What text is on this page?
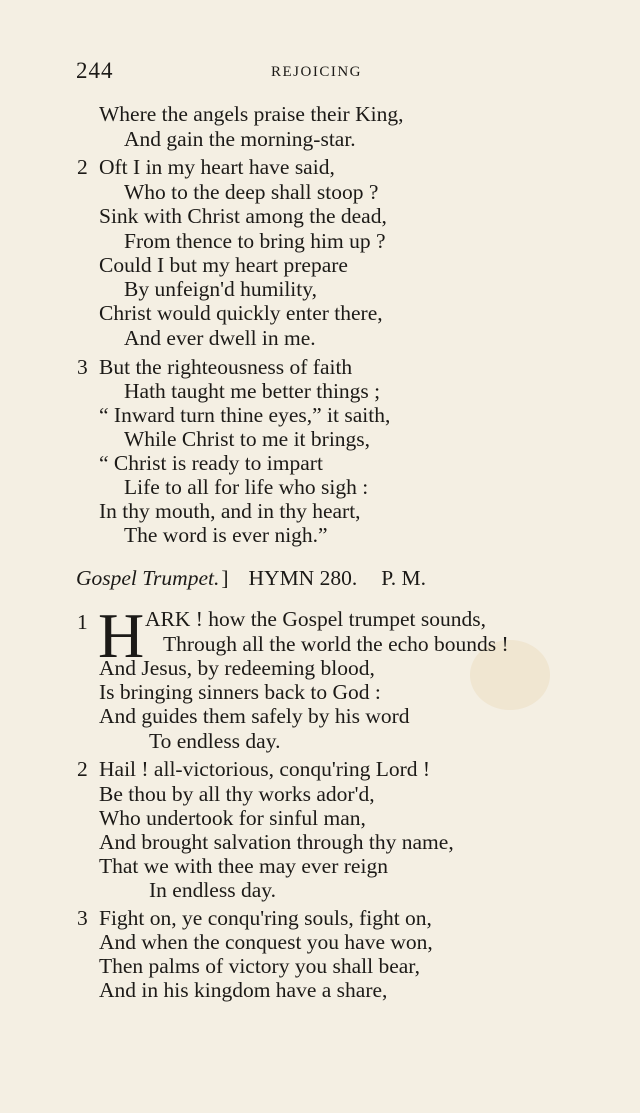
244	REJOICING
Where the angels praise their King,
And gain the morning-star.
2 Oft I in my heart have said,
Who to the deep shall stoop ?
Sink with Christ among the dead,
From thence to bring him up ?
Could I but my heart prepare
By unfeign'd humility,
Christ would quickly enter there,
And ever dwell in me.
3 But the righteousness of faith
Hath taught me better things ;
“ Inward turn thine eyes,” it saith,
While Christ to me it brings,
“ Christ is ready to impart
Life to all for life who sigh :
In thy mouth, and in thy heart,
The word is ever nigh.”
Gospel Trumpet.] HYMN 280. P. M.
1 H ARK ! how the Gospel trumpet sounds,
Through all the world the echo bounds !
And Jesus, by redeeming blood,
Is bringing sinners back to God :
And guides them safely by his word
To endless day.
2 Hail ! all-victorious, conqu'ring Lord !
Be thou by all thy works ador'd,
Who undertook for sinful man,
And brought salvation through thy name,
That we with thee may ever reign
In endless day.
3 Fight on, ye conqu'ring souls, fight on,
And when the conquest you have won,
Then palms of victory you shall bear,
And in his kingdom have a share,
